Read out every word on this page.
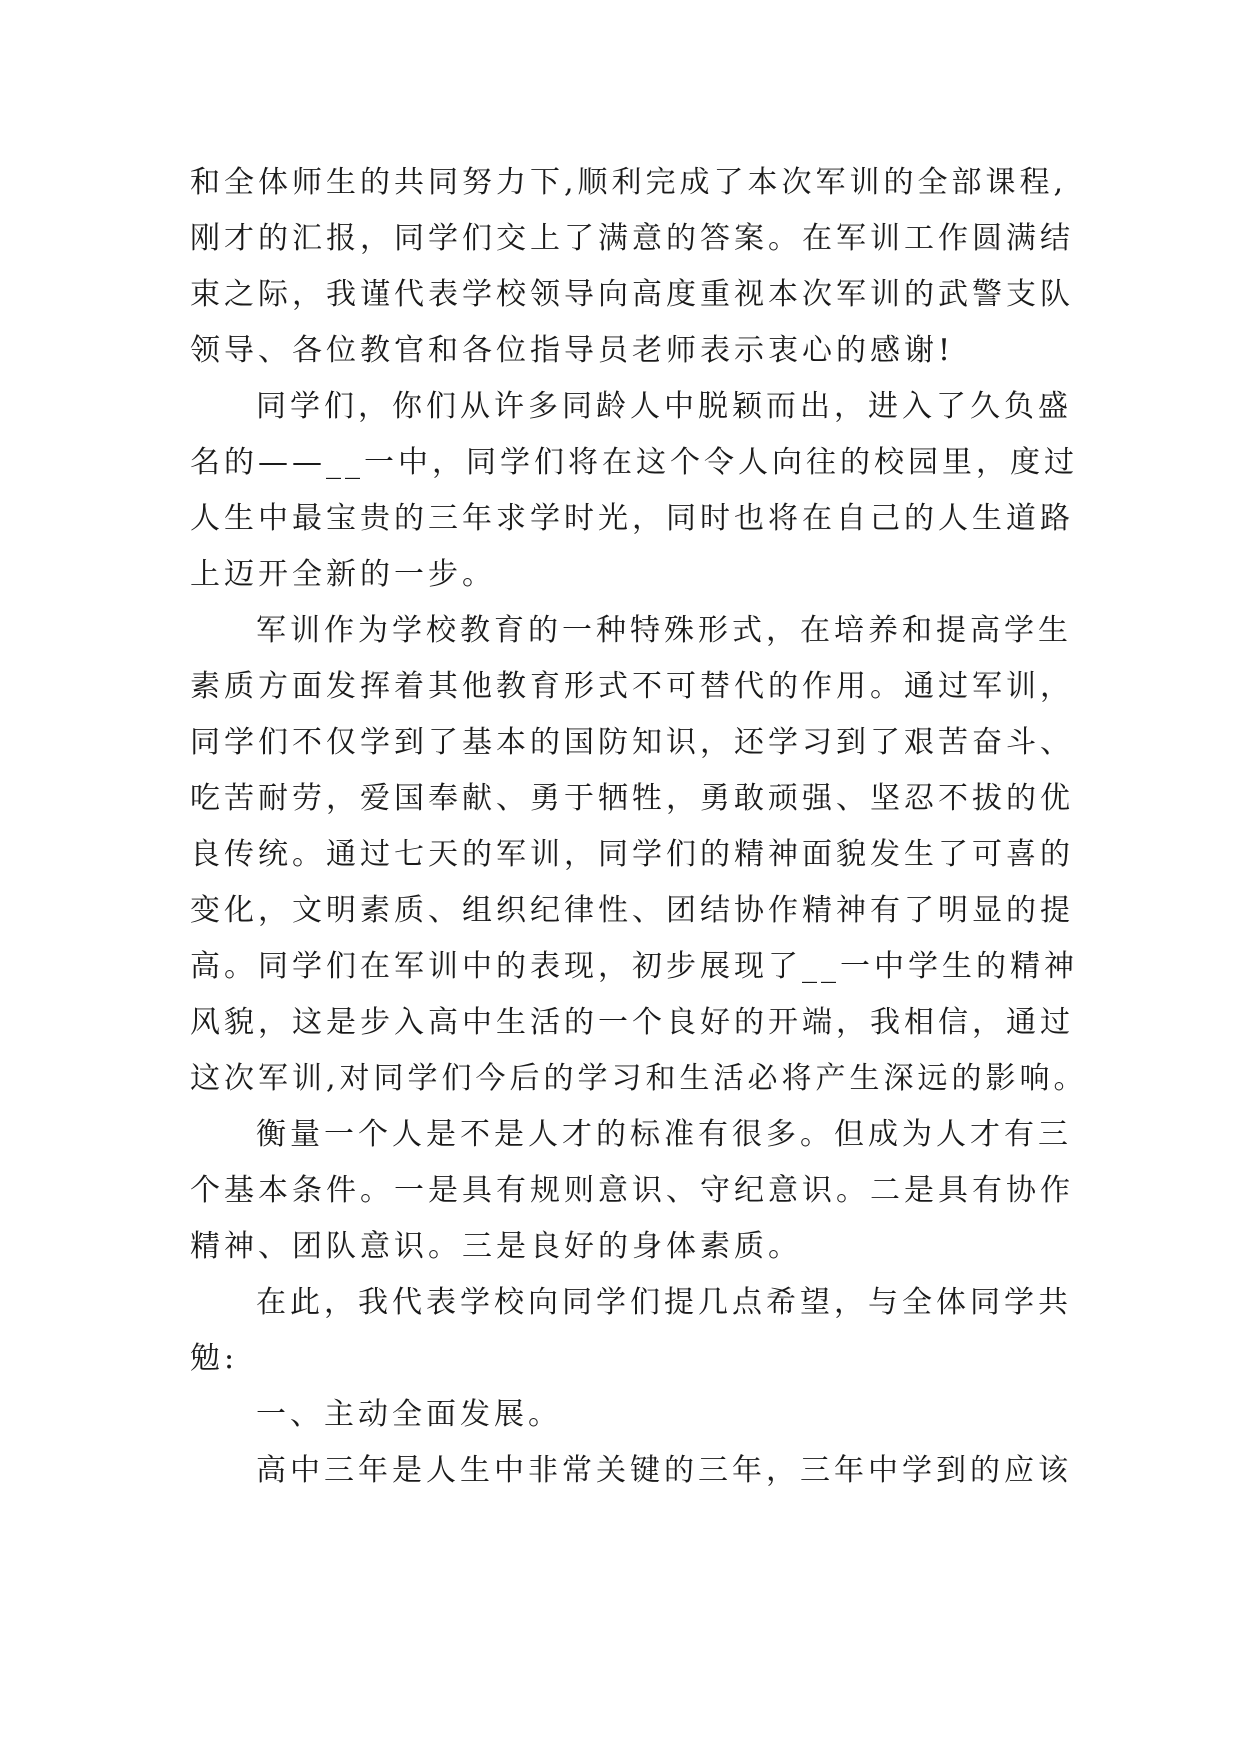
和全体师生的共同努力下,顺利完成了本次军训的全部课程,
刚才的汇报，同学们交上了满意的答案。在军训工作圆满结
束之际，我谨代表学校领导向高度重视本次军训的武警支队
领导、各位教官和各位指导员老师表示衷心的感谢!
同学们，你们从许多同龄人中脱颖而出，进入了久负盛
名的——__一中，同学们将在这个令人向往的校园里，度过
人生中最宝贵的三年求学时光，同时也将在自己的人生道路
上迈开全新的一步。
军训作为学校教育的一种特殊形式，在培养和提高学生
素质方面发挥着其他教育形式不可替代的作用。通过军训，
同学们不仅学到了基本的国防知识，还学习到了艰苦奋斗、
吃苦耐劳，爱国奉献、勇于牺牲，勇敢顽强、坚忍不拔的优
良传统。通过七天的军训，同学们的精神面貌发生了可喜的
变化，文明素质、组织纪律性、团结协作精神有了明显的提
高。同学们在军训中的表现，初步展现了__一中学生的精神
风貌，这是步入高中生活的一个良好的开端，我相信，通过
这次军训,对同学们今后的学习和生活必将产生深远的影响。
衡量一个人是不是人才的标准有很多。但成为人才有三
个基本条件。一是具有规则意识、守纪意识。二是具有协作
精神、团队意识。三是良好的身体素质。
在此，我代表学校向同学们提几点希望，与全体同学共
勉:
一、主动全面发展。
高中三年是人生中非常关键的三年，三年中学到的应该
